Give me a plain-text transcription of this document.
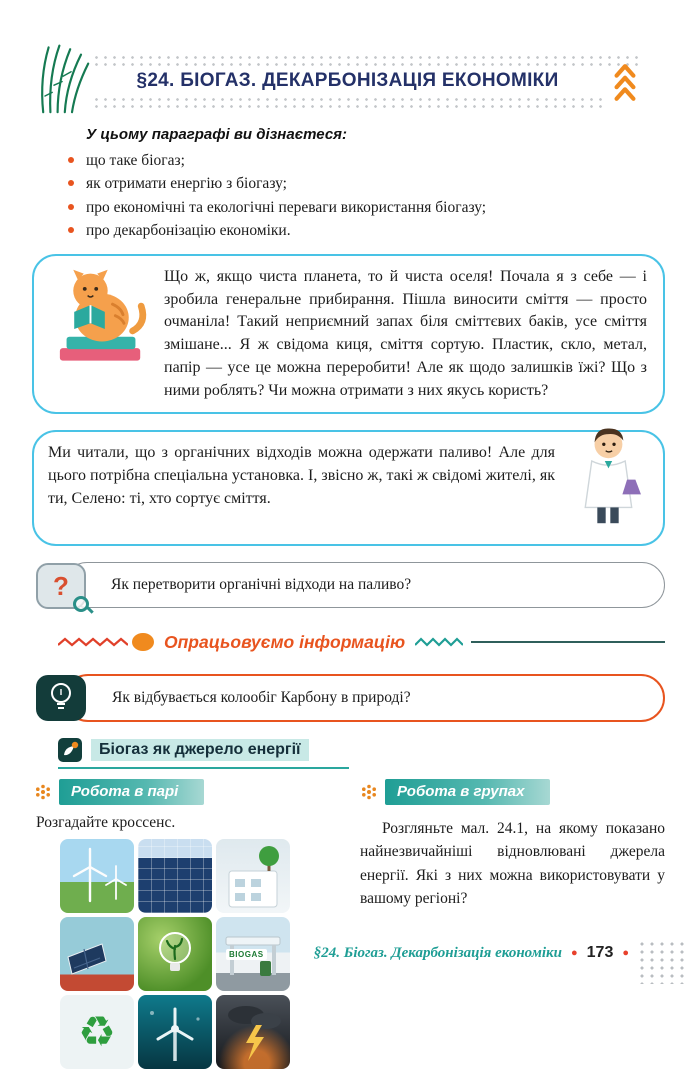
§24. БІОГАЗ. ДЕКАРБОНІЗАЦІЯ ЕКОНОМІКИ
У цьому параграфі ви дізнаєтеся:
що таке біогаз;
як отримати енергію з біогазу;
про економічні та екологічні переваги використання біогазу;
про декарбонізацію економіки.
Що ж, якщо чиста планета, то й чиста оселя! Почала я з себе — і зробила генеральне прибирання. Пішла виносити сміття — просто очманіла! Такий неприємний запах біля сміттєвих баків, усе сміття змішане... Я ж свідома киця, сміття сортую. Пластик, скло, метал, папір — усе це можна переробити! Але як щодо залишків їжі? Що з ними роблять? Чи можна отримати з них якусь користь?
Ми читали, що з органічних відходів можна одержати паливо! Але для цього потрібна спеціальна установка. І, звісно ж, такі ж свідомі жителі, як ти, Селено: ті, хто сортує сміття.
?	Як перетворити органічні відходи на паливо?
Опрацьовуємо інформацію
Як відбувається колообіг Карбону в природі?
Біогаз як джерело енергії
Робота в парі
Розгадайте кроссенс.
BIOGAS
♻
Робота в групах
Розгляньте мал. 24.1, на якому показано найнезвичайніші відновлювані джерела енергії. Які з них можна використовувати у вашому регіоні?
§24. Біогаз. Декарбонізація економіки ● 173 ●
